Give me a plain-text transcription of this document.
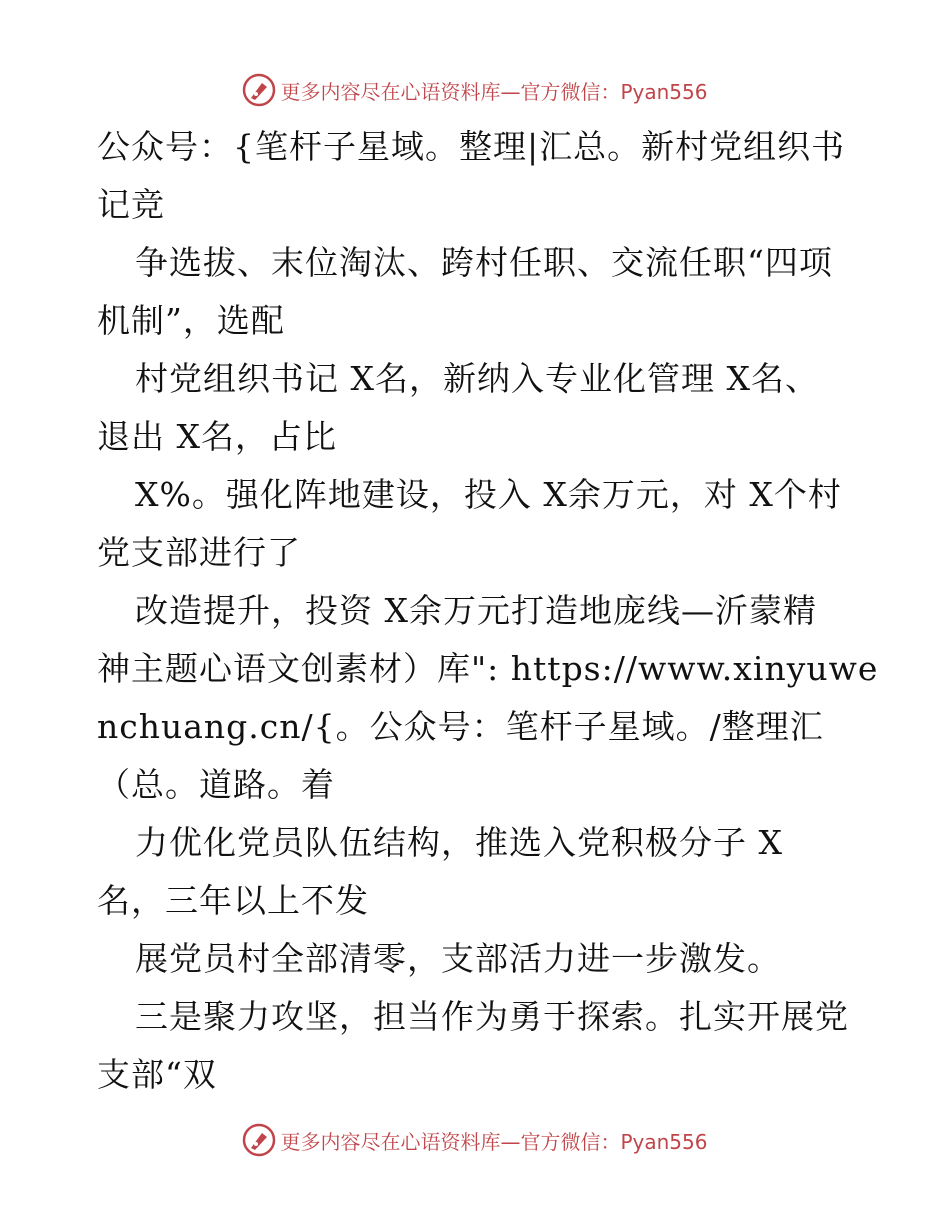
更多内容尽在心语资料库—官方微信：Pyan556
公众号：{笔杆子星域。整理|汇总。新村党组织书
记竞
争选拔、末位淘汰、跨村任职、交流任职“四项
机制”，选配
村党组织书记 X名，新纳入专业化管理 X名、
退出 X名，占比
X%。强化阵地建设，投入 X余万元，对 X个村
党支部进行了
改造提升，投资 X余万元打造地庞线—沂蒙精
神主题心语文创素材）库": https://www.xinyuwe
nchuang.cn/{。公众号：笔杆子星域。/整理汇
（总。道路。着
力优化党员队伍结构，推选入党积极分子 X
名，三年以上不发
展党员村全部清零，支部活力进一步激发。
三是聚力攻坚，担当作为勇于探索。扎实开展党
支部“双
更多内容尽在心语资料库—官方微信：Pyan556
